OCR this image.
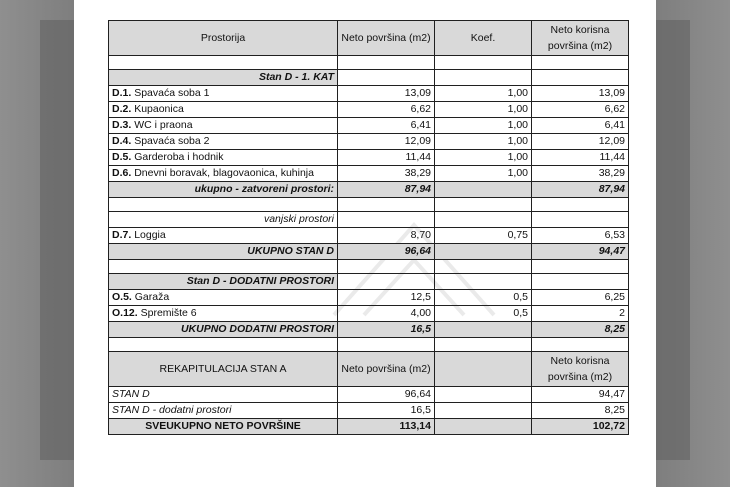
Prostorija	Neto površina (m2)	Koef.	Neto korisna površina (m2)

Stan D - 1. KAT			
D.1. Spavaća soba 1	13,09	1,00	13,09
D.2. Kupaonica	6,62	1,00	6,62
D.3. WC i praona	6,41	1,00	6,41
D.4. Spavaća soba 2	12,09	1,00	12,09
D.5. Garderoba i hodnik	11,44	1,00	11,44
D.6. Dnevni boravak, blagovaonica, kuhinja	38,29	1,00	38,29
ukupno - zatvoreni prostori:	87,94		87,94

vanjski prostori			
D.7. Loggia	8,70	0,75	6,53
UKUPNO STAN D	96,64		94,47

Stan D - DODATNI PROSTORI			
O.5. Garaža	12,5	0,5	6,25
O.12. Spremište 6	4,00	0,5	2
UKUPNO DODATNI PROSTORI	16,5		8,25

REKAPITULACIJA STAN A	Neto površina (m2)		Neto korisna površina (m2)
STAN D	96,64		94,47
STAN D - dodatni prostori	16,5		8,25
SVEUKUPNO NETO POVRŠINE	113,14		102,72
